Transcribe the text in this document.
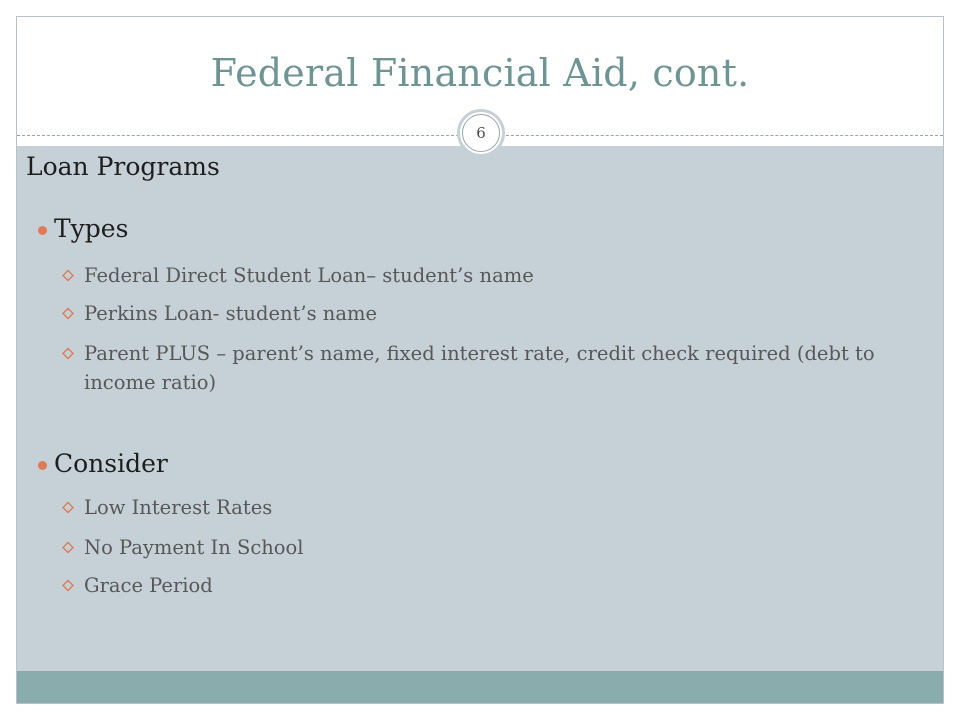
Federal Financial Aid, cont.
6
Loan Programs
Types
Federal Direct Student Loan– student’s name
Perkins Loan- student’s name
Parent PLUS – parent’s name, fixed interest rate, credit check required (debt to income ratio)
Consider
Low Interest Rates
No Payment In School
Grace Period
